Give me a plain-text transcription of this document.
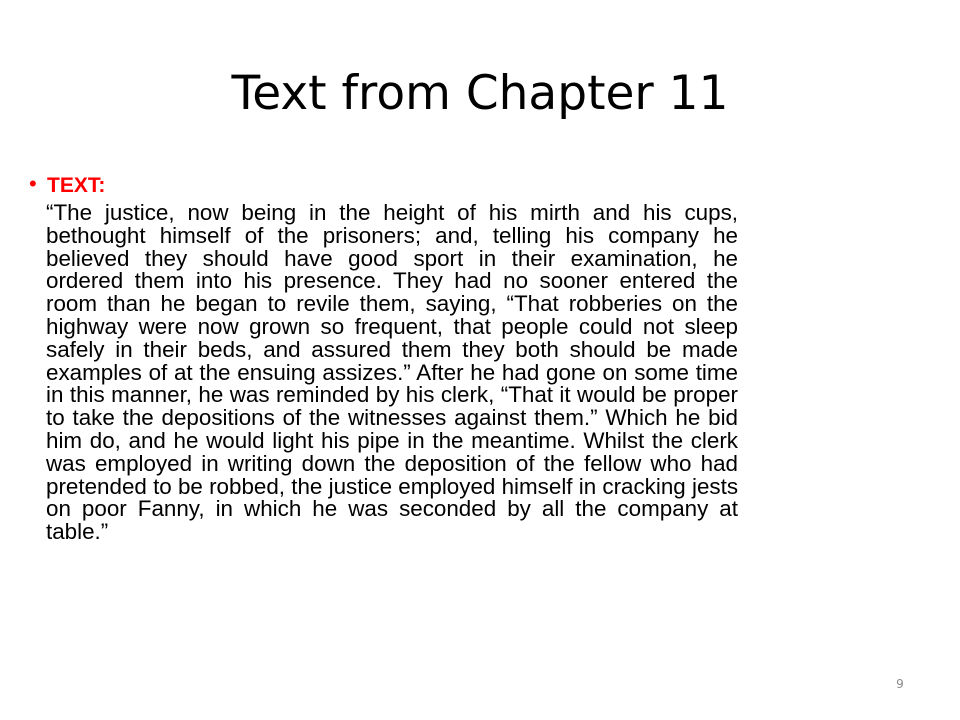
Text from Chapter 11
• TEXT:

“The justice, now being in the height of his mirth and his cups, bethought himself of the prisoners; and, telling his company he believed they should have good sport in their examination, he ordered them into his presence. They had no sooner entered the room than he began to revile them, saying, “That robberies on the highway were now grown so frequent, that people could not sleep safely in their beds, and assured them they both should be made examples of at the ensuing assizes.” After he had gone on some time in this manner, he was reminded by his clerk, “That it would be proper to take the depositions of the witnesses against them.” Which he bid him do, and he would light his pipe in the meantime. Whilst the clerk was employed in writing down the deposition of the fellow who had pretended to be robbed, the justice employed himself in cracking jests on poor Fanny, in which he was seconded by all the company at table.”

9
